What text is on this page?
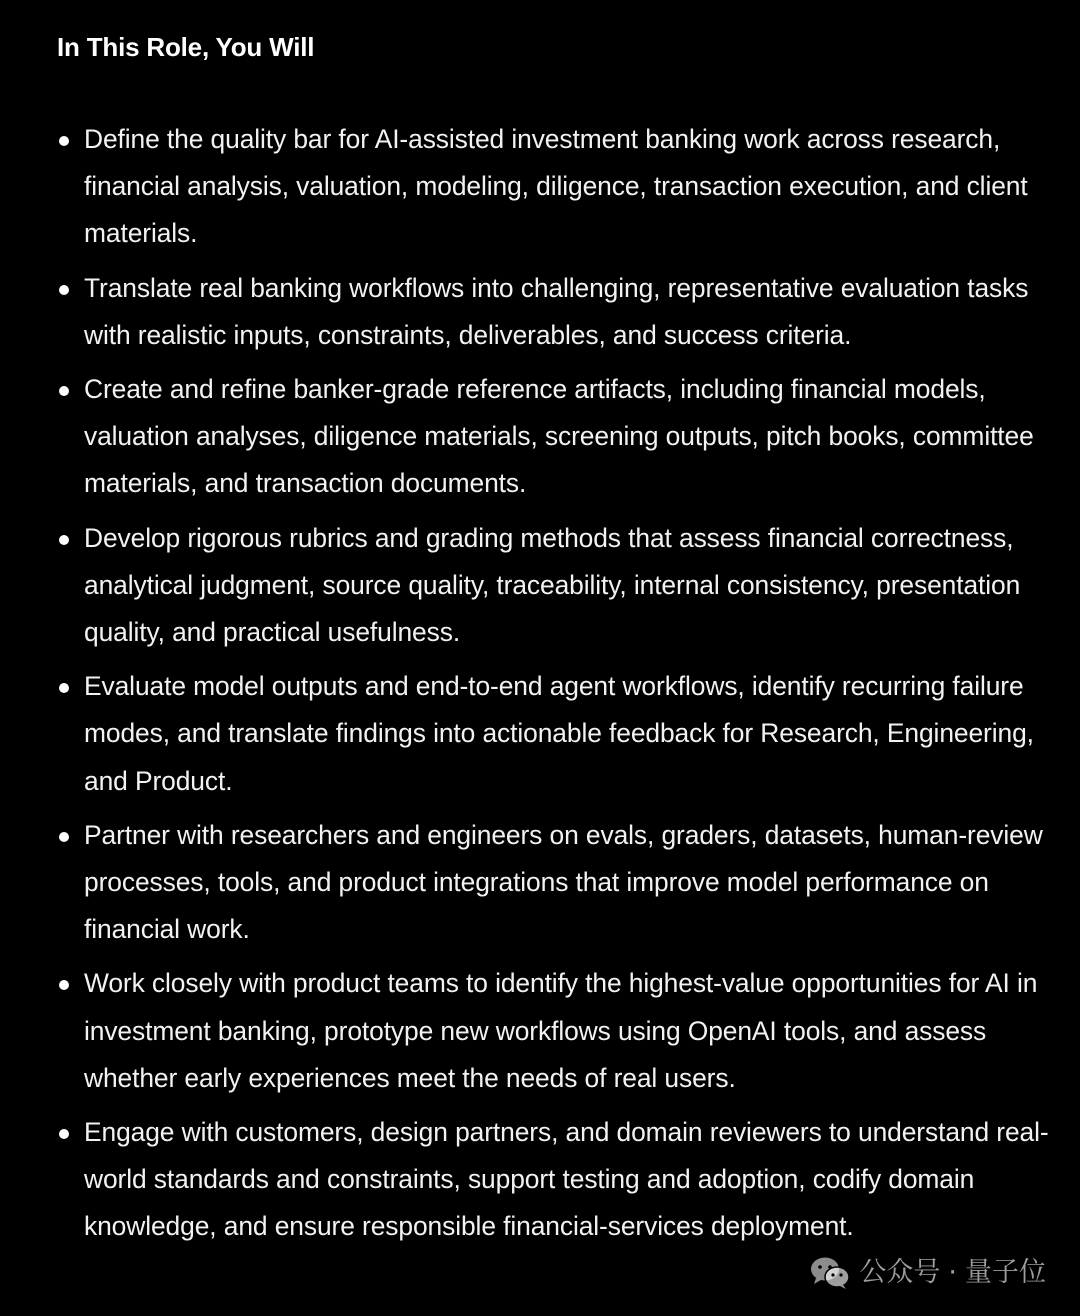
In This Role, You Will
Define the quality bar for AI-assisted investment banking work across research, financial analysis, valuation, modeling, diligence, transaction execution, and client materials.
Translate real banking workflows into challenging, representative evaluation tasks with realistic inputs, constraints, deliverables, and success criteria.
Create and refine banker-grade reference artifacts, including financial models, valuation analyses, diligence materials, screening outputs, pitch books, committee materials, and transaction documents.
Develop rigorous rubrics and grading methods that assess financial correctness, analytical judgment, source quality, traceability, internal consistency, presentation quality, and practical usefulness.
Evaluate model outputs and end-to-end agent workflows, identify recurring failure modes, and translate findings into actionable feedback for Research, Engineering, and Product.
Partner with researchers and engineers on evals, graders, datasets, human-review processes, tools, and product integrations that improve model performance on financial work.
Work closely with product teams to identify the highest-value opportunities for AI in investment banking, prototype new workflows using OpenAI tools, and assess whether early experiences meet the needs of real users.
Engage with customers, design partners, and domain reviewers to understand real-world standards and constraints, support testing and adoption, codify domain knowledge, and ensure responsible financial-services deployment.
公众号 · 量子位
